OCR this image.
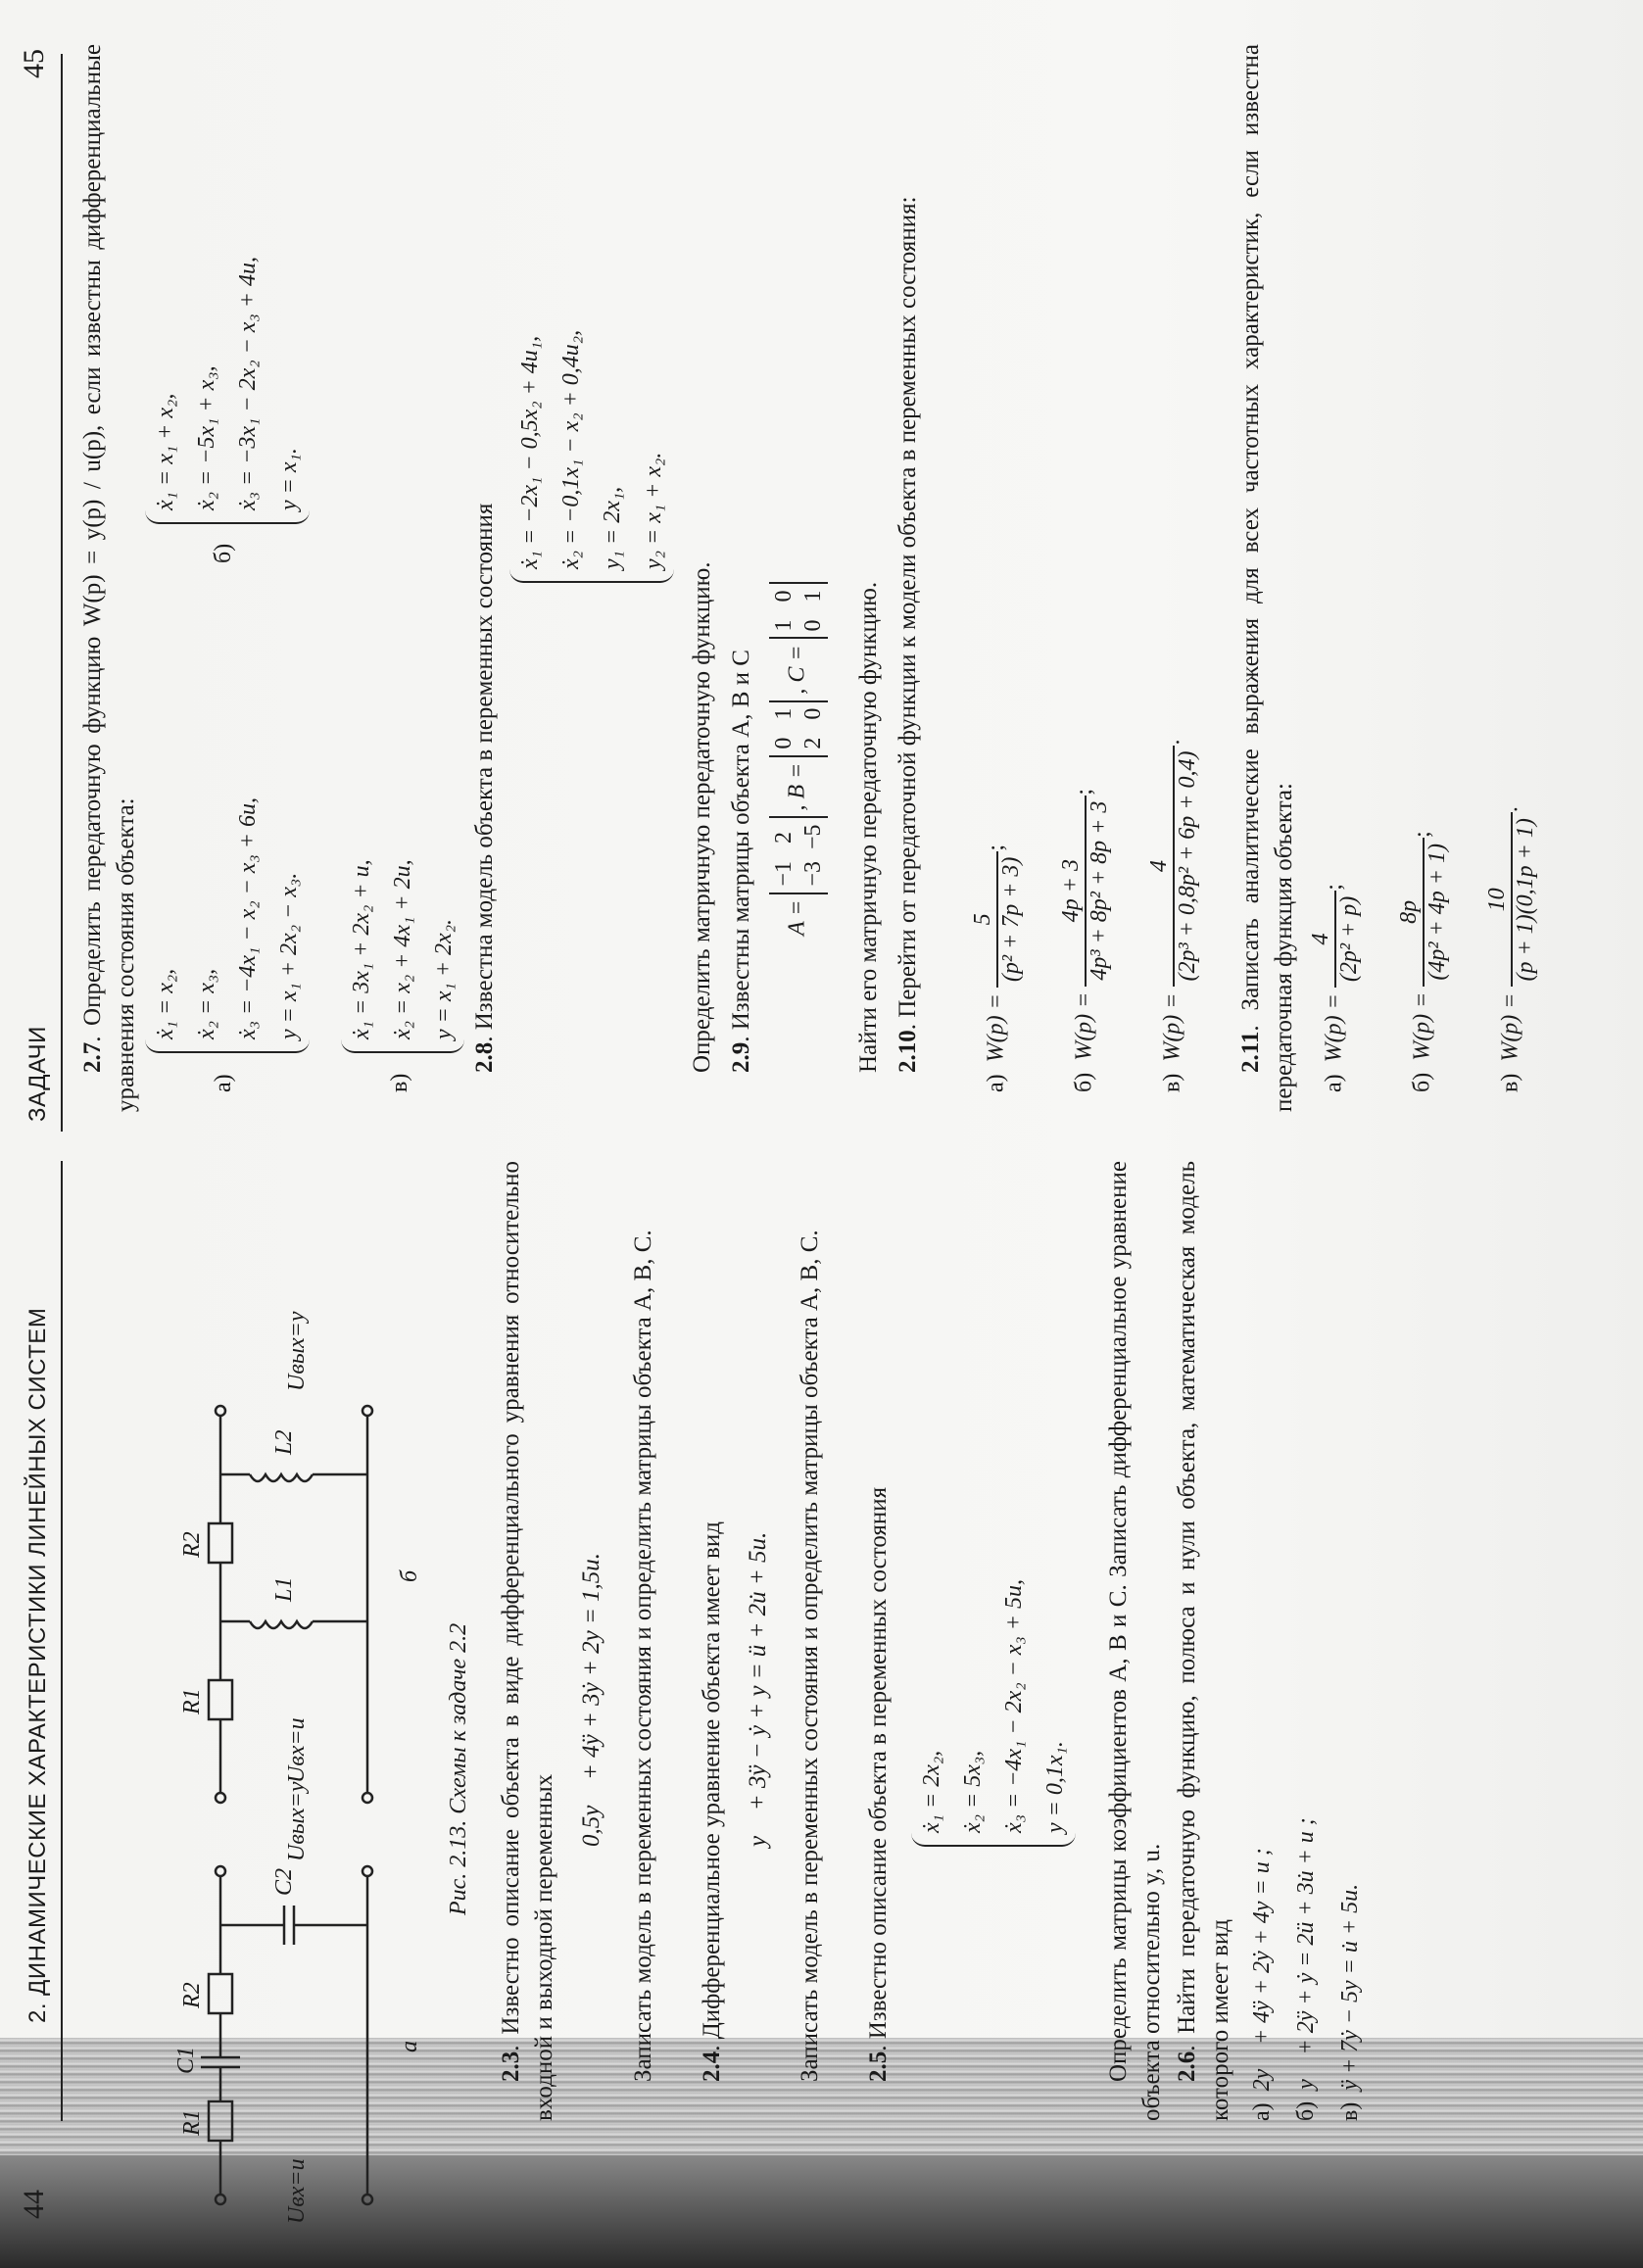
44
2. ДИНАМИЧЕСКИЕ ХАРАКТЕРИСТИКИ ЛИНЕЙНЫХ СИСТЕМ
Uвх=u
R1
C1
R2
C2
Uвых=y
а
Uвх=u
R1
L1
R2
L2
Uвых=y
б
Рис. 2.13. Схемы к задаче 2.2
2.3. Известно описание объекта в виде дифференциального уравнения относительно входной и выходной переменных
0,5y⃛ + 4ÿ + 3ẏ + 2y = 1,5u. Записать модель в переменных состояния и определить матрицы объекта A, B, C. 2.4. Дифференциальное уравнение объекта имеет вид y⃛ + 3ÿ − ẏ + y = ü + 2u̇ + 5u. Записать модель в переменных состояния и определить матрицы объекта A, B, C. 2.5. Известно описание объекта в переменных состояния	ẋ₁ = 2x₂, ẋ₂ = 5x₃, ẋ₃ = −4x₁ − 2x₂ − x₃ + 5u, y = 0,1x₁.	Определить матрицы коэффициентов A, B и C. Записать дифференциальное уравнение объекта относительно y, u. 2.6. Найти передаточную функцию, полюса и нули объекта, математическая модель которого имеет вид а)  2y⃛ + 4ÿ + 2ẏ + 4y = u ;
б)  y⃛ + 2ÿ + ẏ = 2ü + 3u̇ + u ;
в)  ÿ + 7ẏ − 5y = u̇ + 5u.
ЗАДАЧИ
45
2.7. Определить передаточную функцию W(p) = y(p) / u(p), если известны дифференциальные уравнения состояния объекта:	а)
ẋ₁ = x₂, ẋ₂ = x₃, ẋ₃ = −4x₁ − x₂ − x₃ + 6u, y = x₁ + 2x₂ − x₃.
б)
ẋ₁ = x₁ + x₂, ẋ₂ = −5x₁ + x₃, ẋ₃ = −3x₁ − 2x₂ − x₃ + 4u, y = x₁.
в)
ẋ₁ = 3x₁ + 2x₂ + u, ẋ₂ = x₂ + 4x₁ + 2u, y = x₁ + 2x₂.
2.8. Известна модель объекта в переменных состояния
ẋ₁ = −2x₁ − 0,5x₂ + 4u₁, ẋ₂ = −0,1x₁ − x₂ + 0,4u₂, y₁ = 2x₁, y₂ = x₁ + x₂.
Определить матричную передаточную функцию. 2.9. Известны матрицы объекта A, B и C	A =
−1   2 −3  −5
, B =
0   1 2   0
, C =
1   0 0   1 Найти его матричную передаточную функцию. 2.10. Перейти от передаточной функции к модели объекта в переменных состояния:
а)  W(p) =
5 (p² + 7p + 3)
;
б)  W(p) =
4p + 3 4p³ + 8p² + 8p + 3
;
в)  W(p) =
4 (2p³ + 0,8p² + 6p + 0,4)
.
2.11. Записать аналитические выражения для всех частотных характеристик, если известна передаточная функция объекта:	а)  W(p) =
4 (2p² + p)
;
б)  W(p) =
8p (4p² + 4p + 1)
;
в)  W(p) =
10 (p + 1)(0,1p + 1)
.
